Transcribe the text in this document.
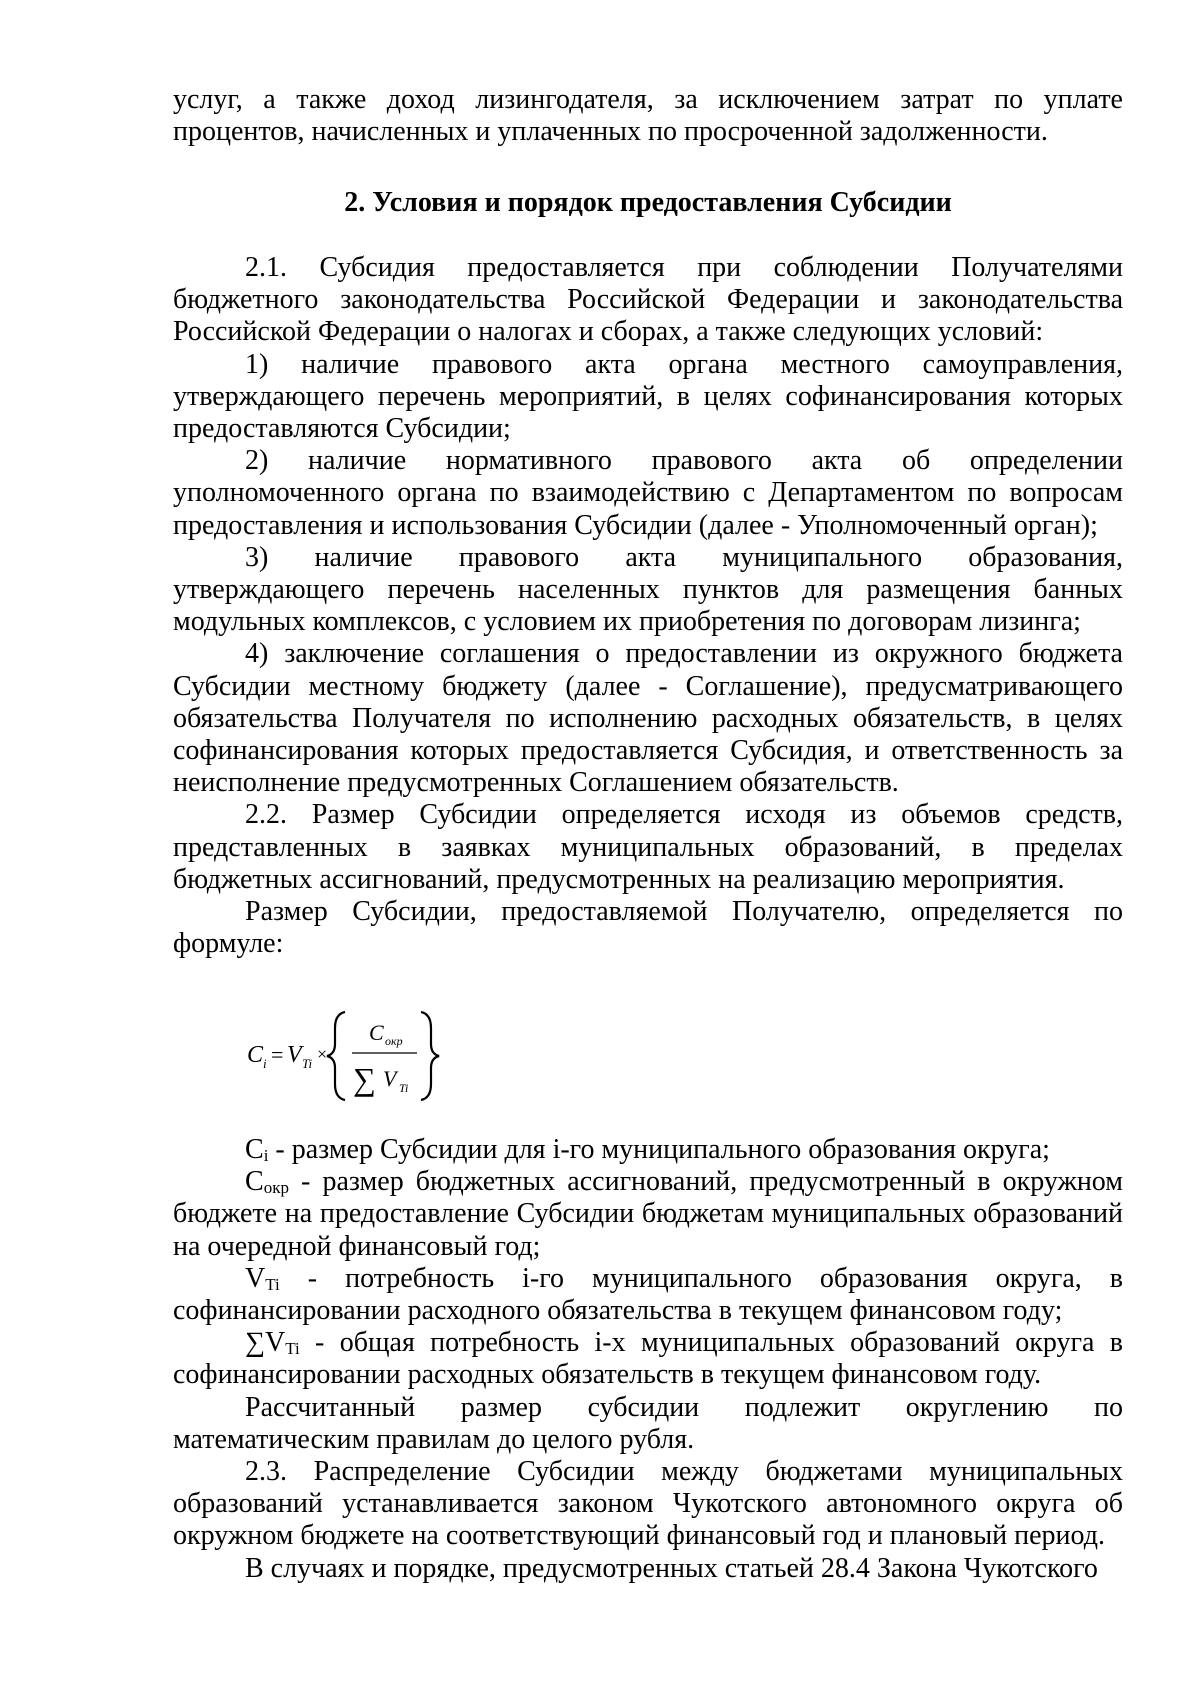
услуг, а также доход лизингодателя, за исключением затрат по уплате процентов, начисленных и уплаченных по просроченной задолженности.

2. Условия и порядок предоставления Субсидии

2.1. Субсидия предоставляется при соблюдении Получателями бюджетного законодательства Российской Федерации и законодательства Российской Федерации о налогах и сборах, а также следующих условий:

1) наличие правового акта органа местного самоуправления, утверждающего перечень мероприятий, в целях софинансирования которых предоставляются Субсидии;

2) наличие нормативного правового акта об определении уполномоченного органа по взаимодействию с Департаментом по вопросам предоставления и использования Субсидии (далее - Уполномоченный орган);

3) наличие правового акта муниципального образования, утверждающего перечень населенных пунктов для размещения банных модульных комплексов, с условием их приобретения по договорам лизинга;

4) заключение соглашения о предоставлении из окружного бюджета Субсидии местному бюджету (далее - Соглашение), предусматривающего обязательства Получателя по исполнению расходных обязательств, в целях софинансирования которых предоставляется Субсидия, и ответственность за неисполнение предусмотренных Соглашением обязательств.

2.2. Размер Субсидии определяется исходя из объемов средств, представленных в заявках муниципальных образований, в пределах бюджетных ассигнований, предусмотренных на реализацию мероприятия.

Размер Субсидии, предоставляемой Получателю, определяется по формуле:

C i = V Ti ×
C окр
∑ V Ti

$C_i$ - размер Субсидии для i-го муниципального образования округа;

$C_{окр}$ - размер бюджетных ассигнований, предусмотренный в окружном бюджете на предоставление Субсидии бюджетам муниципальных образований на очередной финансовый год;

$V_{Ti}$ - потребность i-го муниципального образования округа, в софинансировании расходного обязательства в текущем финансовом году;

$\sum V_{Ti}$ - общая потребность i-х муниципальных образований округа в софинансировании расходных обязательств в текущем финансовом году.

Рассчитанный размер субсидии подлежит округлению по математическим правилам до целого рубля.

2.3. Распределение Субсидии между бюджетами муниципальных образований устанавливается законом Чукотского автономного округа об окружном бюджете на соответствующий финансовый год и плановый период.

В случаях и порядке, предусмотренных статьей 28.4 Закона Чукотского
